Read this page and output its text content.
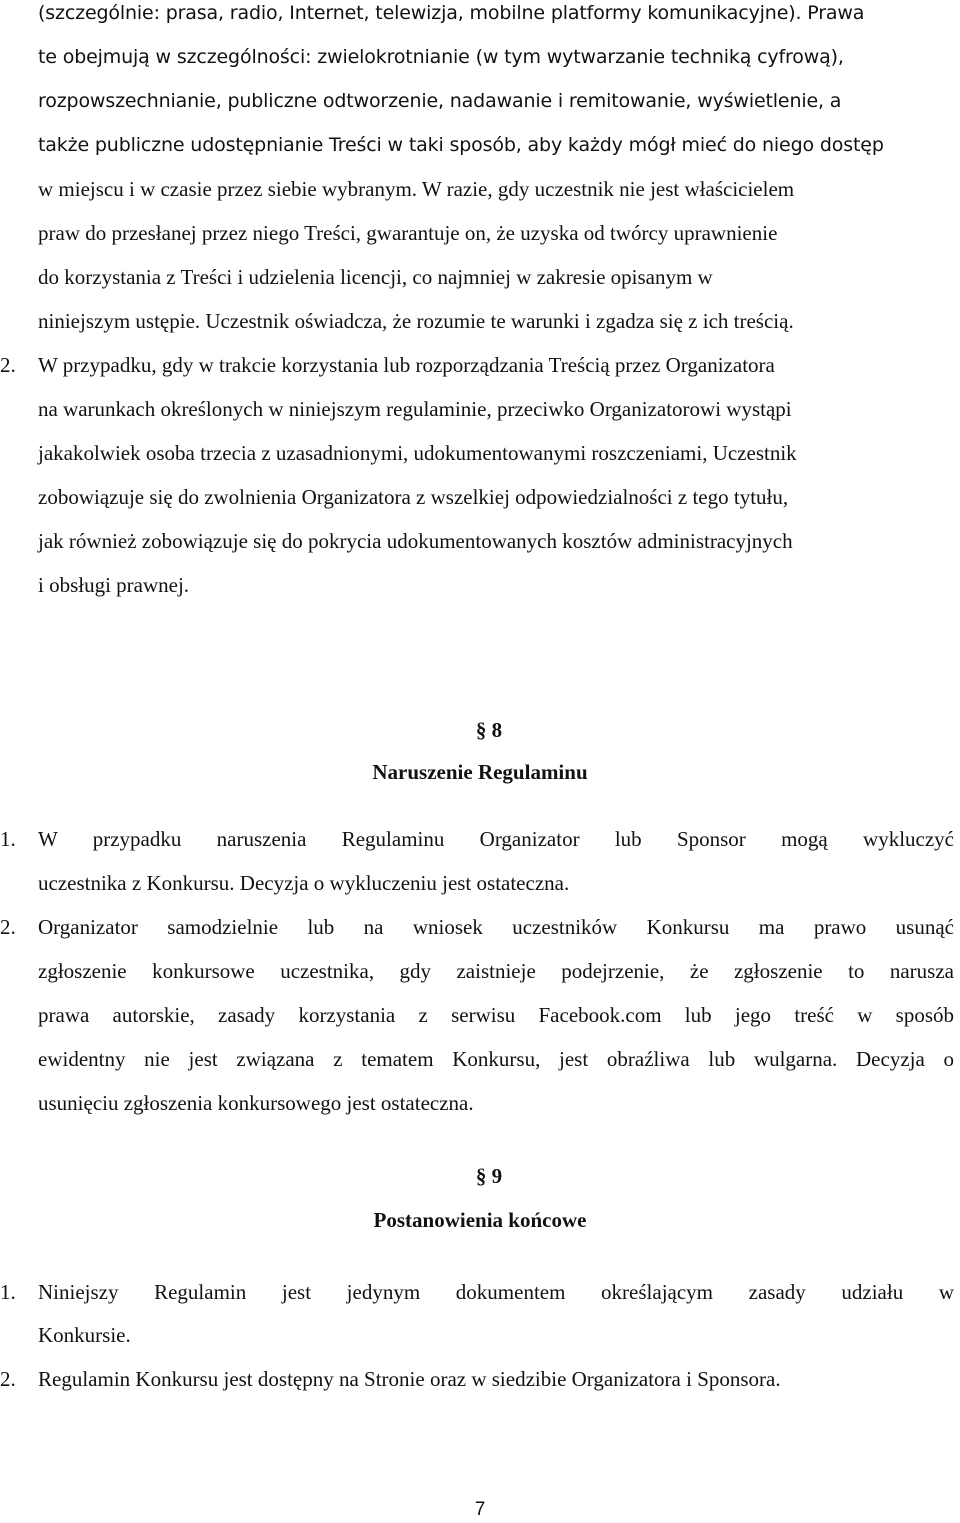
(szczególnie: prasa, radio, Internet, telewizja, mobilne platformy komunikacyjne). Prawa
te obejmują w szczególności: zwielokrotnianie (w tym wytwarzanie techniką cyfrową),
rozpowszechnianie, publiczne odtworzenie, nadawanie i remitowanie, wyświetlenie, a
także publiczne udostępnianie Treści w taki sposób, aby każdy mógł mieć do niego dostęp
w miejscu i w czasie przez siebie wybranym. W razie, gdy uczestnik nie jest właścicielem
praw do przesłanej przez niego Treści, gwarantuje on, że uzyska od twórcy uprawnienie
do korzystania z Treści i udzielenia licencji, co najmniej w zakresie opisanym w
niniejszym ustępie. Uczestnik oświadcza, że rozumie te warunki i zgadza się z ich treścią.
2. W przypadku, gdy w trakcie korzystania lub rozporządzania Treścią przez Organizatora
na warunkach określonych w niniejszym regulaminie, przeciwko Organizatorowi wystąpi
jakakolwiek osoba trzecia z uzasadnionymi, udokumentowanymi roszczeniami, Uczestnik
zobowiązuje się do zwolnienia Organizatora z wszelkiej odpowiedzialności z tego tytułu,
jak również zobowiązuje się do pokrycia udokumentowanych kosztów administracyjnych
i obsługi prawnej.
§ 8
Naruszenie Regulaminu
1. W przypadku naruszenia Regulaminu Organizator lub Sponsor mogą wykluczyć
uczestnika z Konkursu. Decyzja o wykluczeniu jest ostateczna.
2. Organizator samodzielnie lub na wniosek uczestników Konkursu ma prawo usunąć
zgłoszenie konkursowe uczestnika, gdy zaistnieje podejrzenie, że zgłoszenie to narusza
prawa autorskie, zasady korzystania z serwisu Facebook.com lub jego treść w sposób
ewidentny nie jest związana z tematem Konkursu, jest obraźliwa lub wulgarna. Decyzja o
usunięciu zgłoszenia konkursowego jest ostateczna.
§ 9
Postanowienia końcowe
1. Niniejszy Regulamin jest jedynym dokumentem określającym zasady udziału w
Konkursie.
2. Regulamin Konkursu jest dostępny na Stronie oraz w siedzibie Organizatora i Sponsora.
7
